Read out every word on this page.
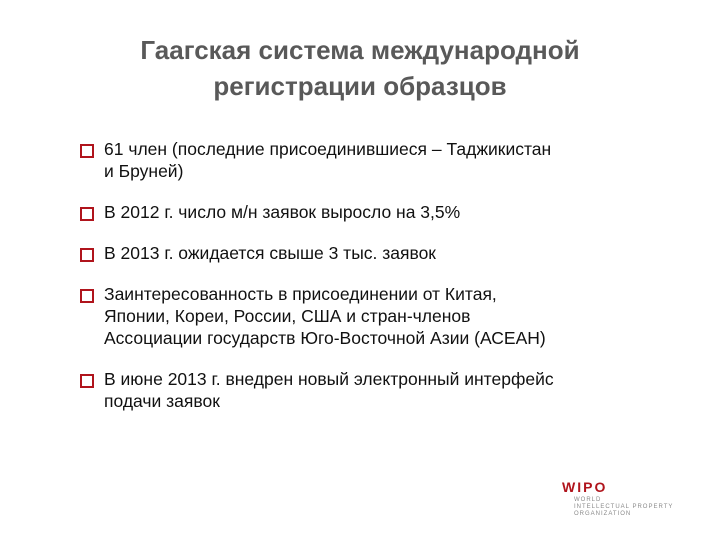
Гаагская система международной
регистрации образцов
61 член (последние присоединившиеся – Таджикистан
и Бруней)
В 2012 г. число м/н заявок выросло на 3,5%
В 2013 г. ожидается свыше 3 тыс. заявок
Заинтересованность в присоединении от Китая,
Японии, Кореи, России, США и стран-членов
Ассоциации государств Юго-Восточной Азии (АСЕАН)
В июне 2013 г. внедрен новый электронный интерфейс
подачи заявок
WIPO
WORLD
INTELLECTUAL PROPERTY
ORGANIZATION
